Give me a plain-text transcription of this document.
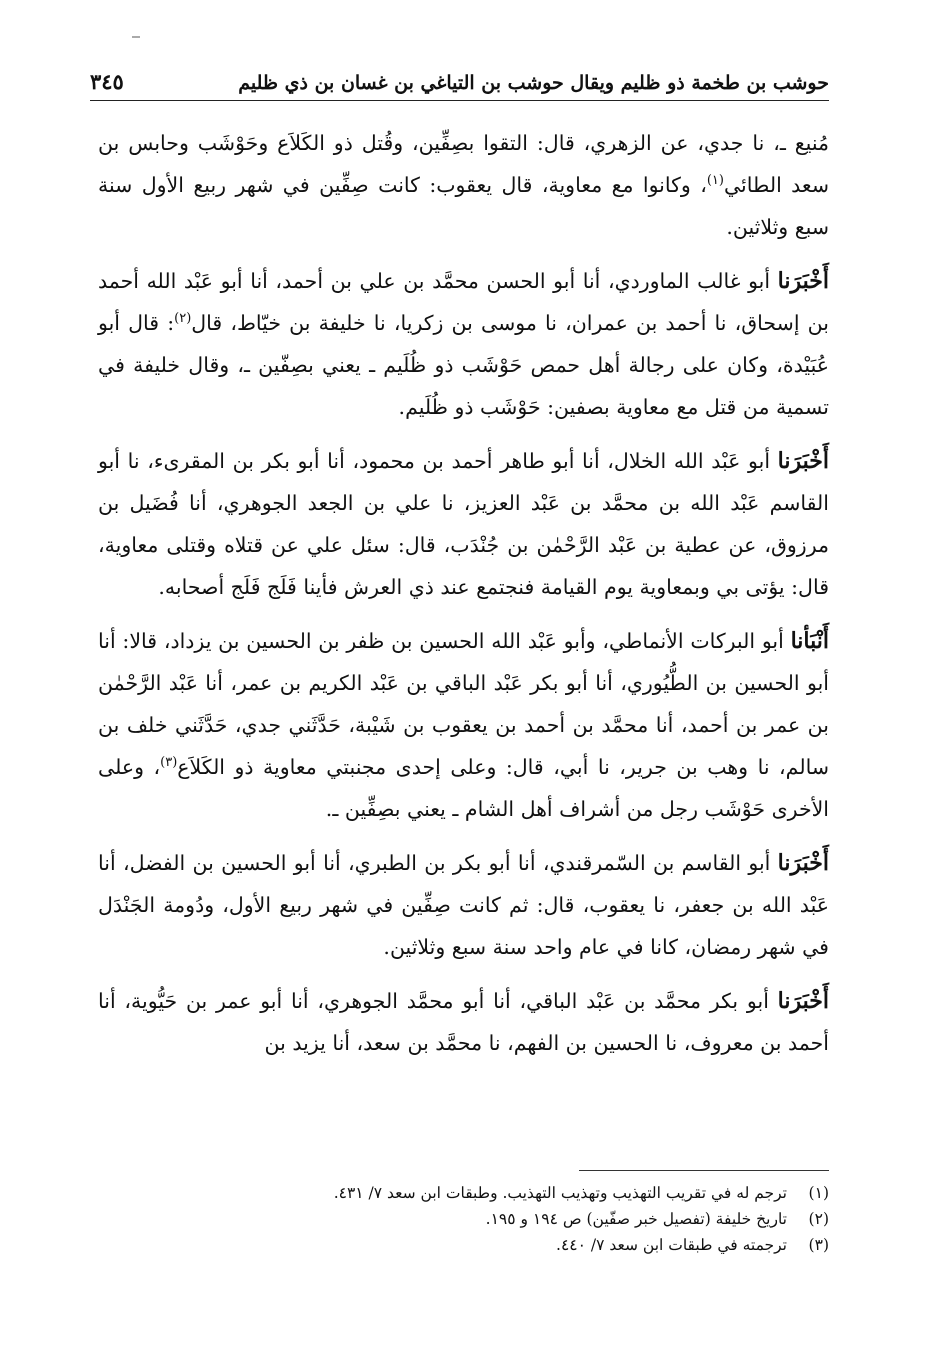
حوشب بن طخمة ذو ظليم ويقال حوشب بن التياغي بن غسان بن ذي ظليم
٣٤٥

مُنيع ـ، نا جدي، عن الزهري، قال: التقوا بصِفِّين، وقُتل ذو الكَلاَع وحَوْشَب وحابس بن سعد الطائي$^{(١)}$، وكانوا مع معاوية، قال يعقوب: كانت صِفِّين في شهر ربيع الأول سنة سبع وثلاثين.

أَخْبَرَنا أبو غالب الماوردي، أنا أبو الحسن محمَّد بن علي بن أحمد، أنا أبو عَبْد الله أحمد بن إسحاق، نا أحمد بن عمران، نا موسى بن زكريا، نا خليفة بن خيّاط، قال$^{(٢)}$: قال أبو عُبَيْدة، وكان على رجالة أهل حمص حَوْشَب ذو ظُلَيم ـ يعني بصِفّين ـ، وقال خليفة في تسمية من قتل مع معاوية بصفين: حَوْشَب ذو ظُلَيم.

أَخْبَرَنا أبو عَبْد الله الخلال، أنا أبو طاهر أحمد بن محمود، أنا أبو بكر بن المقرىء، نا أبو القاسم عَبْد الله بن محمَّد بن عَبْد العزيز، نا علي بن الجعد الجوهري، أنا فُضَيل بن مرزوق، عن عطية بن عَبْد الرَّحْمٰن بن جُنْدَب، قال: سئل علي عن قتلاه وقتلى معاوية، قال: يؤتى بي وبمعاوية يوم القيامة فنجتمع عند ذي العرش فأينا فَلَج فَلَج أصحابه.

أَنْبَأنا أبو البركات الأنماطي، وأبو عَبْد الله الحسين بن ظفر بن الحسين بن يزداد، قالا: أنا أبو الحسين بن الطُّيُوري، أنا أبو بكر عَبْد الباقي بن عَبْد الكريم بن عمر، أنا عَبْد الرَّحْمٰن بن عمر بن أحمد، أنا محمَّد بن أحمد بن يعقوب بن شَيْبة، حَدَّثَني جدي، حَدَّثَني خلف بن سالم، نا وهب بن جرير، نا أبي، قال: وعلى إحدى مجنبتي معاوية ذو الكَلاَع$^{(٣)}$، وعلى الأخرى حَوْشَب رجل من أشراف أهل الشام ـ يعني بصِفِّين ـ.

أَخْبَرَنا أبو القاسم بن السّمرقندي، أنا أبو بكر بن الطبري، أنا أبو الحسين بن الفضل، أنا عَبْد الله بن جعفر، نا يعقوب، قال: ثم كانت صِفِّين في شهر ربيع الأول، ودُومة الجَنْدَل في شهر رمضان، كانا في عام واحد سنة سبع وثلاثين.

أَخْبَرَنا أبو بكر محمَّد بن عَبْد الباقي، أنا أبو محمَّد الجوهري، أنا أبو عمر بن حَيُّوية، أنا أحمد بن معروف، نا الحسين بن الفهم، نا محمَّد بن سعد، أنا يزيد بن

(١)
ترجم له في تقريب التهذيب وتهذيب التهذيب. وطبقات ابن سعد ٧/ ٤٣١.
(٢)
تاريخ خليفة (تفصيل خبر صفّين) ص ١٩٤ و ١٩٥.
(٣)
ترجمته في طبقات ابن سعد ٧/ ٤٤٠.
